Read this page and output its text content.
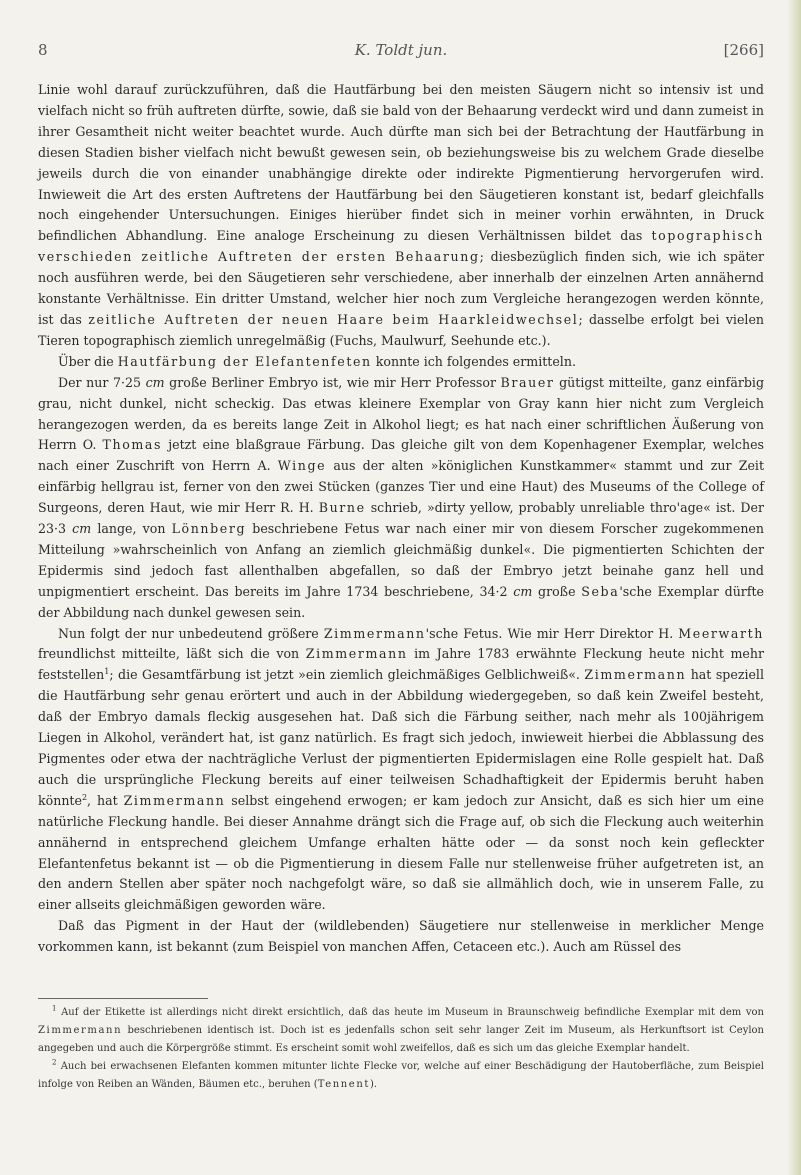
8	K. Toldt jun.	[266]

Linie wohl darauf zurückzuführen, daß die Hautfärbung bei den meisten Säugern nicht so intensiv ist und vielfach nicht so früh auftreten dürfte, sowie, daß sie bald von der Behaarung verdeckt wird und dann zumeist in ihrer Gesamtheit nicht weiter beachtet wurde. Auch dürfte man sich bei der Betrachtung der Hautfärbung in diesen Stadien bisher vielfach nicht bewußt gewesen sein, ob beziehungsweise bis zu welchem Grade dieselbe jeweils durch die von einander unabhängige direkte oder indirekte Pigmentierung hervorgerufen wird. Inwieweit die Art des ersten Auftretens der Hautfärbung bei den Säugetieren konstant ist, bedarf gleichfalls noch eingehender Untersuchungen. Einiges hierüber findet sich in meiner vorhin erwähnten, in Druck befindlichen Abhandlung. Eine analoge Erscheinung zu diesen Verhältnissen bildet das topographisch verschieden zeitliche Auftreten der ersten Behaarung; diesbezüglich finden sich, wie ich später noch ausführen werde, bei den Säugetieren sehr verschiedene, aber innerhalb der einzelnen Arten annähernd konstante Verhältnisse. Ein dritter Umstand, welcher hier noch zum Vergleiche herangezogen werden könnte, ist das zeitliche Auftreten der neuen Haare beim Haarkleidwechsel; dasselbe erfolgt bei vielen Tieren topographisch ziemlich unregelmäßig (Fuchs, Maulwurf, Seehunde etc.).

Über die Hautfärbung der Elefantenfeten konnte ich folgendes ermitteln.

Der nur 7·25 cm große Berliner Embryo ist, wie mir Herr Professor Brauer gütigst mitteilte, ganz einfärbig grau, nicht dunkel, nicht scheckig. Das etwas kleinere Exemplar von Gray kann hier nicht zum Vergleich herangezogen werden, da es bereits lange Zeit in Alkohol liegt; es hat nach einer schriftlichen Äußerung von Herrn O. Thomas jetzt eine blaßgraue Färbung. Das gleiche gilt von dem Kopenhagener Exemplar, welches nach einer Zuschrift von Herrn A. Winge aus der alten »königlichen Kunstkammer« stammt und zur Zeit einfärbig hellgrau ist, ferner von den zwei Stücken (ganzes Tier und eine Haut) des Museums of the College of Surgeons, deren Haut, wie mir Herr R. H. Burne schrieb, »dirty yellow, probably unreliable thro'age« ist. Der 23·3 cm lange, von Lönnberg beschriebene Fetus war nach einer mir von diesem Forscher zugekommenen Mitteilung »wahrscheinlich von Anfang an ziemlich gleichmäßig dunkel«. Die pigmentierten Schichten der Epidermis sind jedoch fast allenthalben abgefallen, so daß der Embryo jetzt beinahe ganz hell und unpigmentiert erscheint. Das bereits im Jahre 1734 beschriebene, 34·2 cm große Seba'sche Exemplar dürfte der Abbildung nach dunkel gewesen sein.

Nun folgt der nur unbedeutend größere Zimmermann'sche Fetus. Wie mir Herr Direktor H. Meerwarth freundlichst mitteilte, läßt sich die von Zimmermann im Jahre 1783 erwähnte Fleckung heute nicht mehr feststellen$^1$; die Gesamtfärbung ist jetzt »ein ziemlich gleichmäßiges Gelblichweiß«. Zimmermann hat speziell die Hautfärbung sehr genau erörtert und auch in der Abbildung wiedergegeben, so daß kein Zweifel besteht, daß der Embryo damals fleckig ausgesehen hat. Daß sich die Färbung seither, nach mehr als 100jährigem Liegen in Alkohol, verändert hat, ist ganz natürlich. Es fragt sich jedoch, inwieweit hierbei die Abblassung des Pigmentes oder etwa der nachträgliche Verlust der pigmentierten Epidermislagen eine Rolle gespielt hat. Daß auch die ursprüngliche Fleckung bereits auf einer teilweisen Schadhaftigkeit der Epidermis beruht haben könnte$^2$, hat Zimmermann selbst eingehend erwogen; er kam jedoch zur Ansicht, daß es sich hier um eine natürliche Fleckung handle. Bei dieser Annahme drängt sich die Frage auf, ob sich die Fleckung auch weiterhin annähernd in entsprechend gleichem Umfange erhalten hätte oder — da sonst noch kein gefleckter Elefantenfetus bekannt ist — ob die Pigmentierung in diesem Falle nur stellenweise früher aufgetreten ist, an den andern Stellen aber später noch nachgefolgt wäre, so daß sie allmählich doch, wie in unserem Falle, zu einer allseits gleichmäßigen geworden wäre.

Daß das Pigment in der Haut der (wildlebenden) Säugetiere nur stellenweise in merklicher Menge vorkommen kann, ist bekannt (zum Beispiel von manchen Affen, Cetaceen etc.). Auch am Rüssel des

$^1$ Auf der Etikette ist allerdings nicht direkt ersichtlich, daß das heute im Museum in Braunschweig befindliche Exemplar mit dem von Zimmermann beschriebenen identisch ist. Doch ist es jedenfalls schon seit sehr langer Zeit im Museum, als Herkunftsort ist Ceylon angegeben und auch die Körpergröße stimmt. Es erscheint somit wohl zweifellos, daß es sich um das gleiche Exemplar handelt.

$^2$ Auch bei erwachsenen Elefanten kommen mitunter lichte Flecke vor, welche auf einer Beschädigung der Hautoberfläche, zum Beispiel infolge von Reiben an Wänden, Bäumen etc., beruhen (Tennent).
